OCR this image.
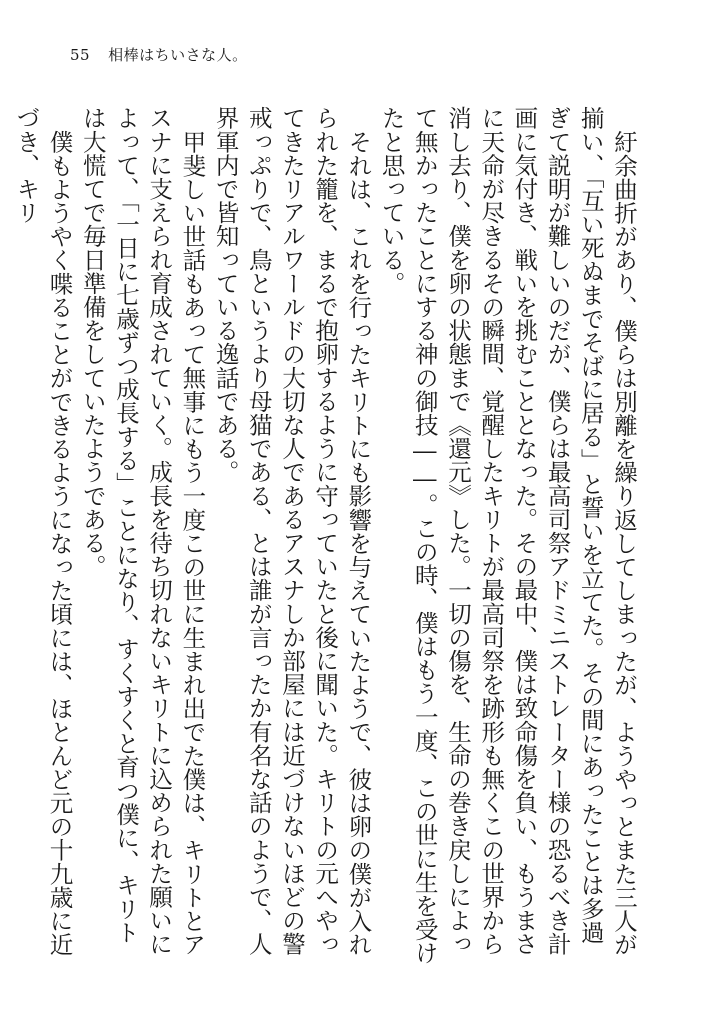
55 相棒はちいさな人。

紆余曲折があり、僕らは別離を繰り返してしまったが、ようやっとまた三人が揃い、「互い死ぬまでそばに居る」と誓いを立てた。その間にあったことは多過ぎて説明が難しいのだが、僕らは最高司祭アドミニストレーター様の恐るべき計画に気付き、戦いを挑むこととなった。その最中、僕は致命傷を負い、もうまさに天命が尽きるその瞬間、覚醒したキリトが最高司祭を跡形も無くこの世界から消し去り、僕を卵の状態まで《還元》した。一切の傷を、生命の巻き戻しによって無かったことにする神の御技――。この時、僕はもう一度、この世に生を受けたと思っている。

それは、これを行ったキリトにも影響を与えていたようで、彼は卵の僕が入れられた籠を、まるで抱卵するように守っていたと後に聞いた。キリトの元へやってきたリアルワールドの大切な人であるアスナしか部屋には近づけないほどの警戒っぷりで、鳥というより母猫である、とは誰が言ったか有名な話のようで、人界軍内で皆知っている逸話である。

甲斐しい世話もあって無事にもう一度この世に生まれ出でた僕は、キリトとアスナに支えられ育成されていく。成長を待ち切れないキリトに込められた願いによって、「一日に七歳ずつ成長する」ことになり、すくすくと育つ僕に、キリトは大慌てで毎日準備をしていたようである。

僕もようやく喋ることができるようになった頃には、ほとんど元の十九歳に近づき、キリ
